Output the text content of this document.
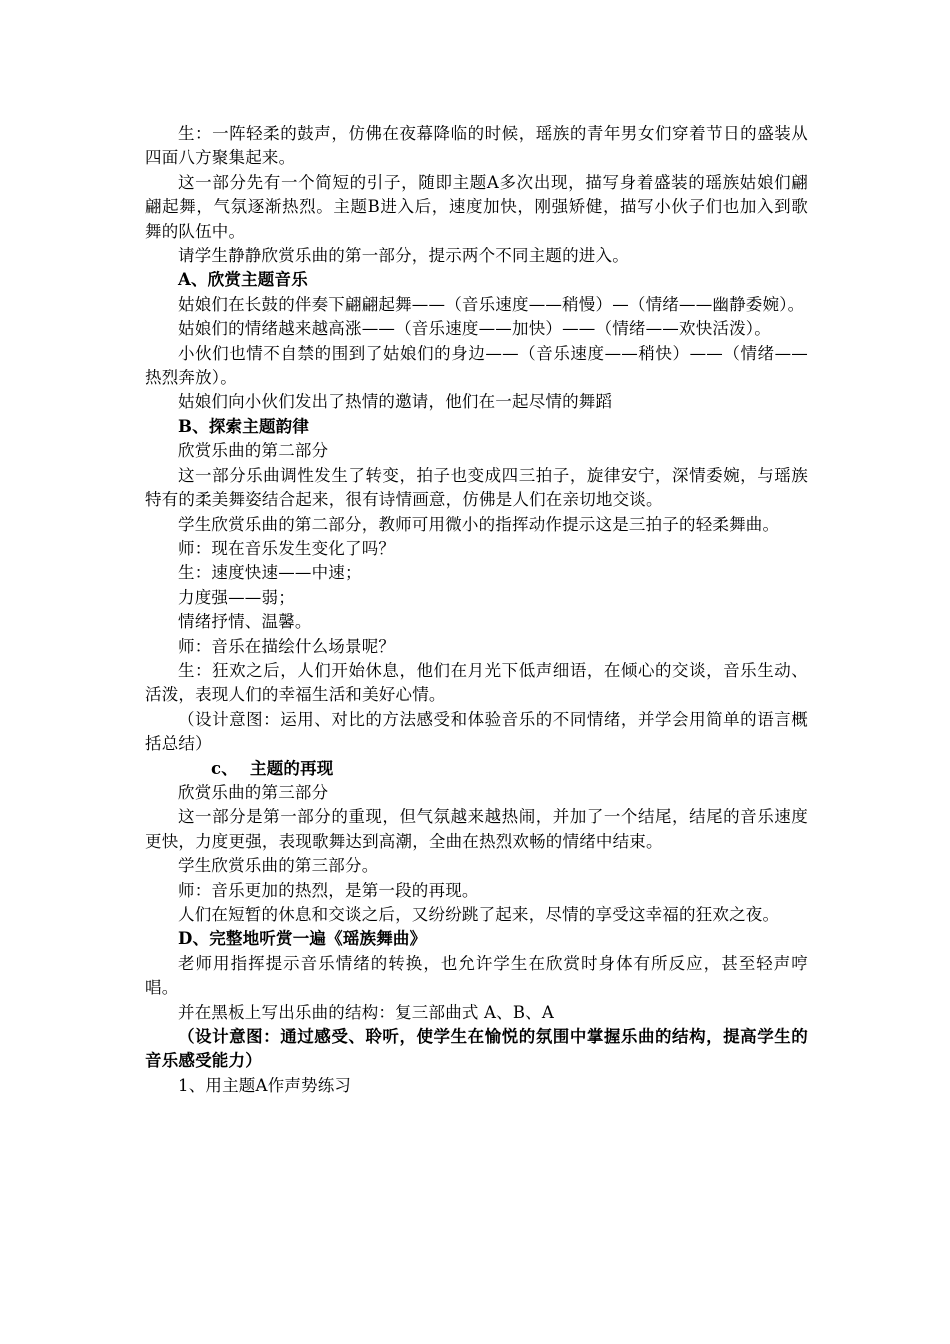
生：一阵轻柔的鼓声，仿佛在夜幕降临的时候，瑶族的青年男女们穿着节日的盛装从四面八方聚集起来。

这一部分先有一个简短的引子，随即主题A多次出现，描写身着盛装的瑶族姑娘们翩翩起舞，气氛逐渐热烈。主题B进入后，速度加快，刚强矫健，描写小伙子们也加入到歌舞的队伍中。

请学生静静欣赏乐曲的第一部分，提示两个不同主题的进入。

A、欣赏主题音乐

姑娘们在长鼓的伴奏下翩翩起舞——（音乐速度——稍慢）—（情绪——幽静委婉）。

姑娘们的情绪越来越高涨——（音乐速度——加快）——（情绪——欢快活泼）。

小伙们也情不自禁的围到了姑娘们的身边——（音乐速度——稍快）——（情绪——热烈奔放）。

姑娘们向小伙们发出了热情的邀请，他们在一起尽情的舞蹈

B、探索主题韵律

欣赏乐曲的第二部分

这一部分乐曲调性发生了转变，拍子也变成四三拍子，旋律安宁，深情委婉，与瑶族特有的柔美舞姿结合起来，很有诗情画意，仿佛是人们在亲切地交谈。

学生欣赏乐曲的第二部分，教师可用微小的指挥动作提示这是三拍子的轻柔舞曲。

师：现在音乐发生变化了吗？

生：速度快速——中速；

力度强——弱；

情绪抒情、温馨。

师：音乐在描绘什么场景呢？

生：狂欢之后，人们开始休息，他们在月光下低声细语，在倾心的交谈，音乐生动、活泼，表现人们的幸福生活和美好心情。

（设计意图：运用、对比的方法感受和体验音乐的不同情绪，并学会用简单的语言概括总结）

c、 主题的再现

欣赏乐曲的第三部分

这一部分是第一部分的重现，但气氛越来越热闹，并加了一个结尾，结尾的音乐速度更快，力度更强，表现歌舞达到高潮，全曲在热烈欢畅的情绪中结束。

学生欣赏乐曲的第三部分。

师：音乐更加的热烈，是第一段的再现。

人们在短暂的休息和交谈之后，又纷纷跳了起来，尽情的享受这幸福的狂欢之夜。

D、完整地听赏一遍《瑶族舞曲》

老师用指挥提示音乐情绪的转换，也允许学生在欣赏时身体有所反应，甚至轻声哼唱。

并在黑板上写出乐曲的结构：复三部曲式 A、B、A

（设计意图：通过感受、聆听，使学生在愉悦的氛围中掌握乐曲的结构，提高学生的音乐感受能力）

1、用主题A作声势练习
